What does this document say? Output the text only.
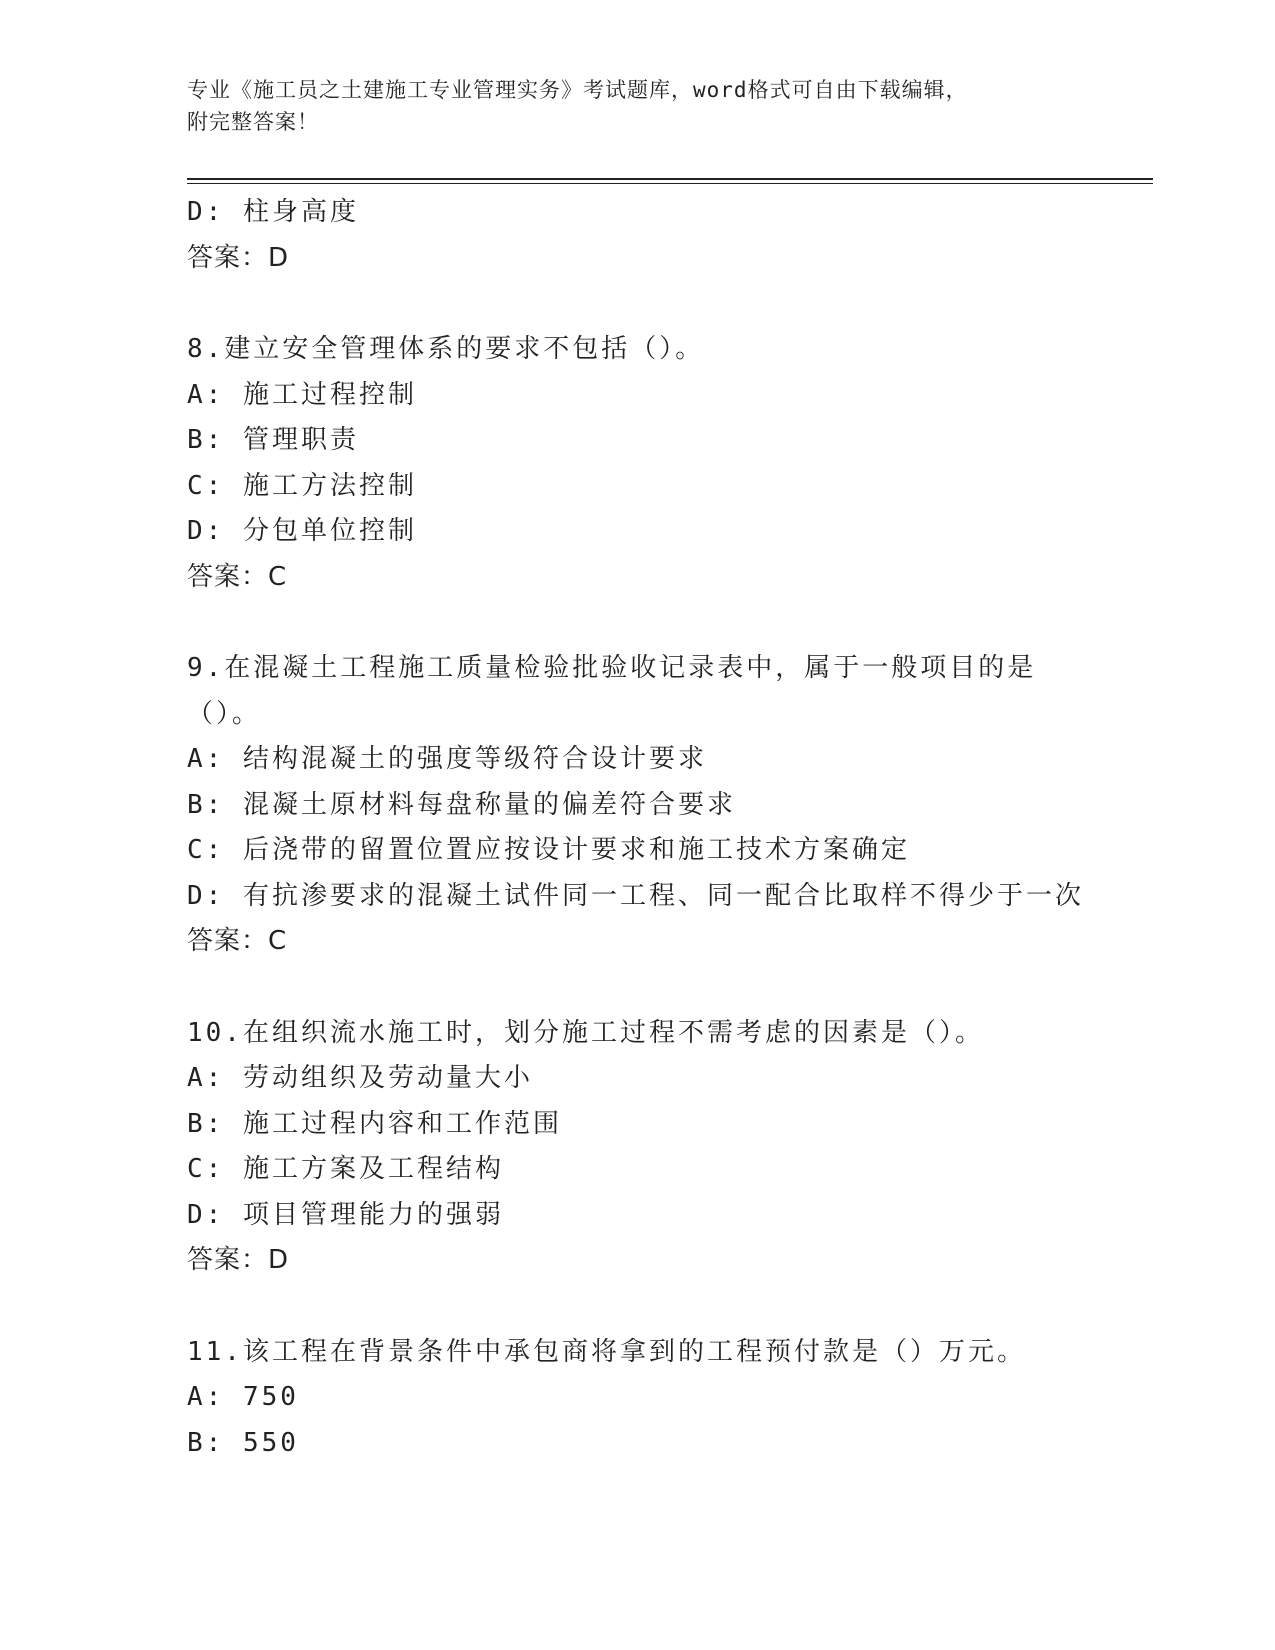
专业《施工员之土建施工专业管理实务》考试题库，word格式可自由下载编辑，
附完整答案！
D: 柱身高度
答案：D
8.建立安全管理体系的要求不包括（）。
A: 施工过程控制
B: 管理职责
C: 施工方法控制
D: 分包单位控制
答案：C
9.在混凝土工程施工质量检验批验收记录表中，属于一般项目的是（）。
A: 结构混凝土的强度等级符合设计要求
B: 混凝土原材料每盘称量的偏差符合要求
C: 后浇带的留置位置应按设计要求和施工技术方案确定
D: 有抗渗要求的混凝土试件同一工程、同一配合比取样不得少于一次
答案：C
10.在组织流水施工时，划分施工过程不需考虑的因素是（）。
A: 劳动组织及劳动量大小
B: 施工过程内容和工作范围
C: 施工方案及工程结构
D: 项目管理能力的强弱
答案：D
11.该工程在背景条件中承包商将拿到的工程预付款是（）万元。
A: 750
B: 550
